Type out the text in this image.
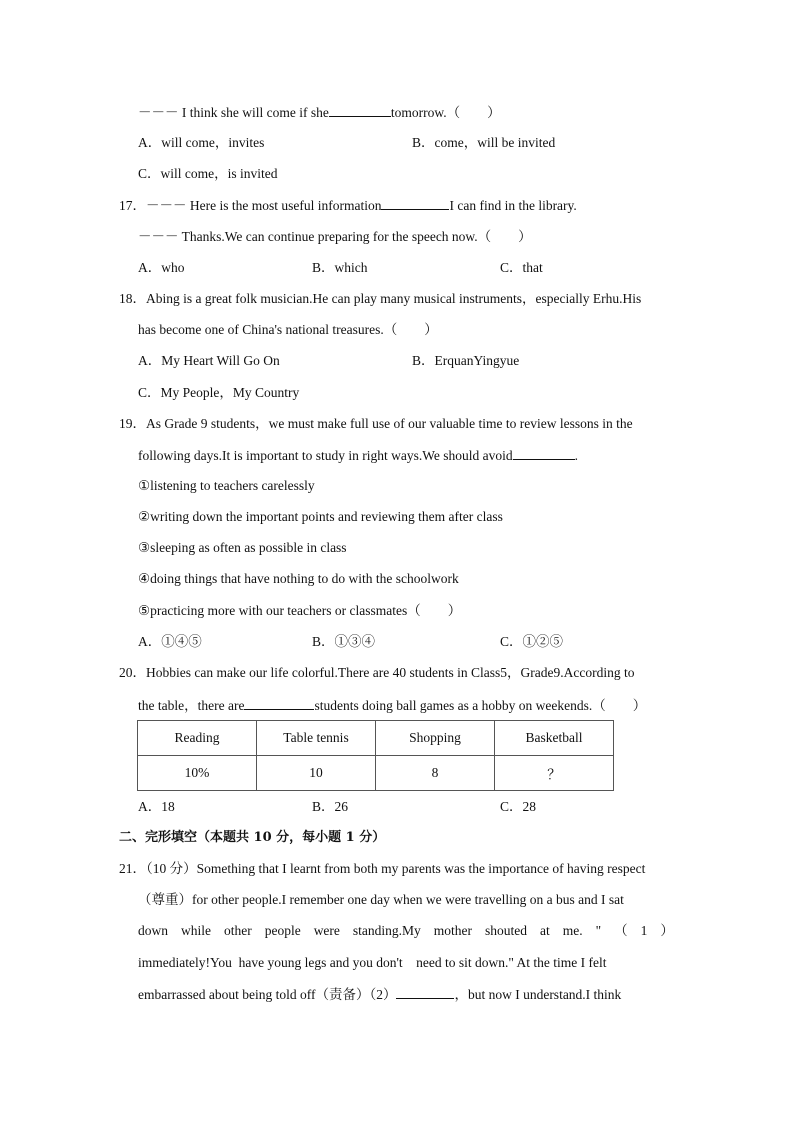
－－－ I think she will come if she	tomorrow.（　　）
A．will come，invites	B．come，will be invited
C．will come，is invited
17．－－－ Here is the most useful information	I can find in the library.
－－－ Thanks.We can continue preparing for the speech now.（　　）
A．who	B．which	C．that
18．Abing is a great folk musician.He can play many musical instruments，especially Erhu.His
has become one of China's national treasures.（　　）
A．My Heart Will Go On	B．ErquanYingyue
C．My People，My Country
19．As Grade 9 students，we must make full use of our valuable time to review lessons in the
following days.It is important to study in right ways.We should avoid	.
①listening to teachers carelessly
②writing down the important points and reviewing them after class
③sleeping as often as possible in class
④doing things that have nothing to do with the schoolwork
⑤practicing more with our teachers or classmates（　　）
A．①④⑤	B．①③④	C．①②⑤
20．Hobbies can make our life colorful.There are 40 students in Class5，Grade9.According to
the table，there are	students doing ball games as a hobby on weekends.（　　）
Reading	Table tennis	Shopping	Basketball
10%	10	8	？
A．18	B．26	C．28
二、完形填空（本题共 10 分，每小题 1 分）
21．（10 分）Something that I learnt from both my parents was the importance of having respect
（尊重）for other people.I remember one day when we were travelling on a bus and I sat
down while other people were standing.My mother shouted at me. " （ 1 ）
immediately!You  have young legs and you don't    need to sit down." At the time I felt
embarrassed about being told off（责备）（2）	，but now I understand.I think
